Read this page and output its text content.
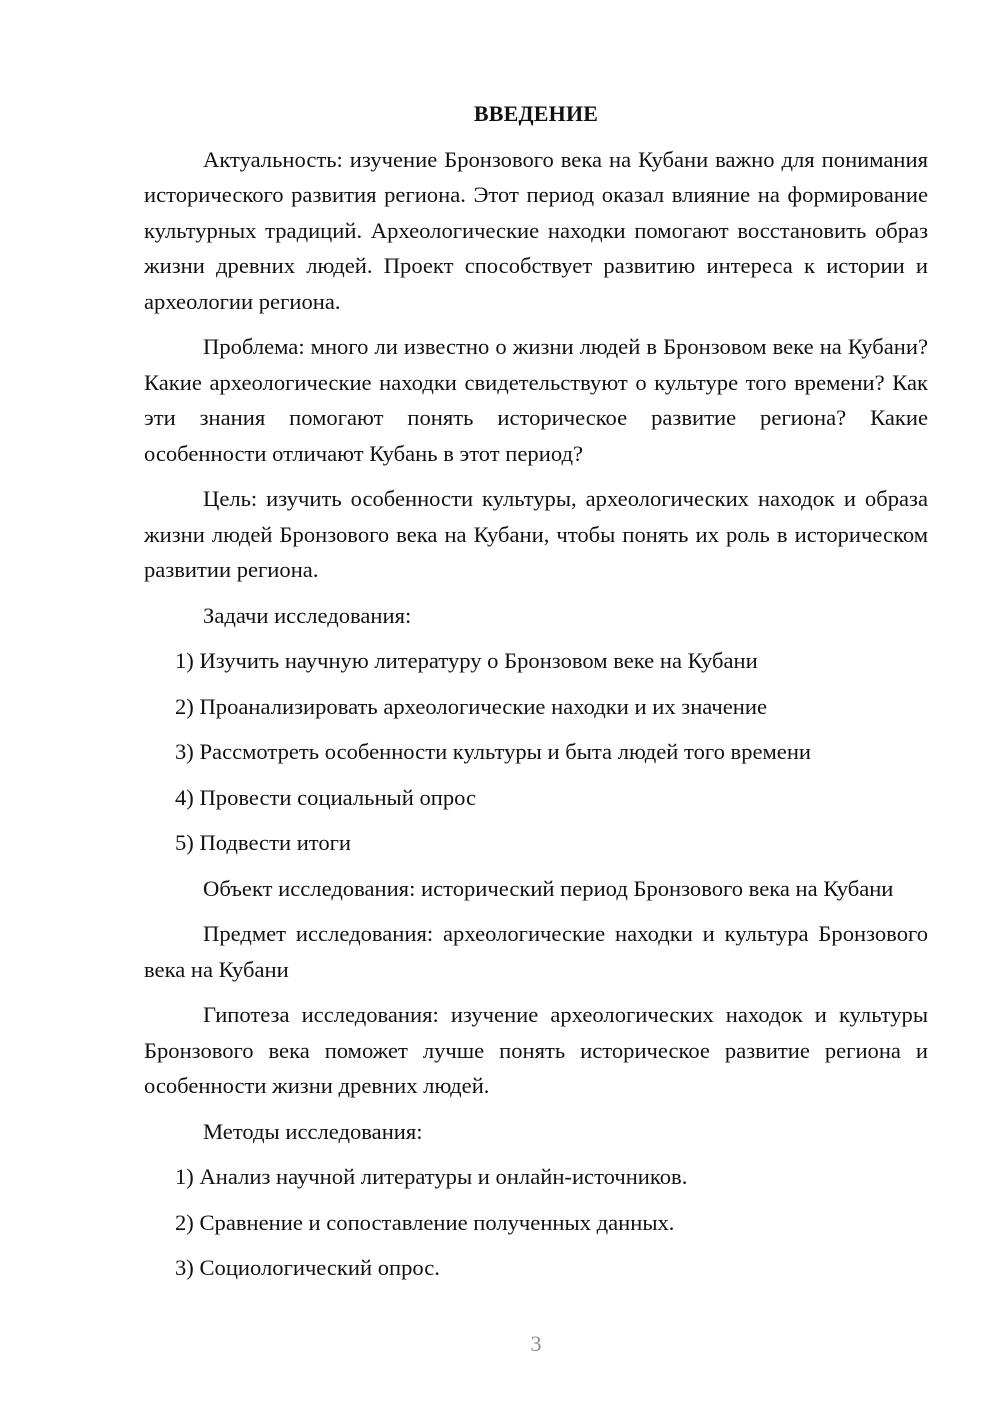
ВВЕДЕНИЕ

Актуальность: изучение Бронзового века на Кубани важно для понимания исторического развития региона. Этот период оказал влияние на формирование культурных традиций. Археологические находки помогают восстановить образ жизни древних людей. Проект способствует развитию интереса к истории и археологии региона.

Проблема: много ли известно о жизни людей в Бронзовом веке на Кубани? Какие археологические находки свидетельствуют о культуре того времени? Как эти знания помогают понять историческое развитие региона? Какие особенности отличают Кубань в этот период?

Цель: изучить особенности культуры, археологических находок и образа жизни людей Бронзового века на Кубани, чтобы понять их роль в историческом развитии региона.

Задачи исследования:

1) Изучить научную литературу о Бронзовом веке на Кубани
2) Проанализировать археологические находки и их значение
3) Рассмотреть особенности культуры и быта людей того времени
4) Провести социальный опрос
5) Подвести итоги

Объект исследования: исторический период Бронзового века на Кубани

Предмет исследования: археологические находки и культура Бронзового века на Кубани

Гипотеза исследования: изучение археологических находок и культуры Бронзового века поможет лучше понять историческое развитие региона и особенности жизни древних людей.

Методы исследования:

1) Анализ научной литературы и онлайн-источников.
2) Сравнение и сопоставление полученных данных.
3) Социологический опрос.
3
